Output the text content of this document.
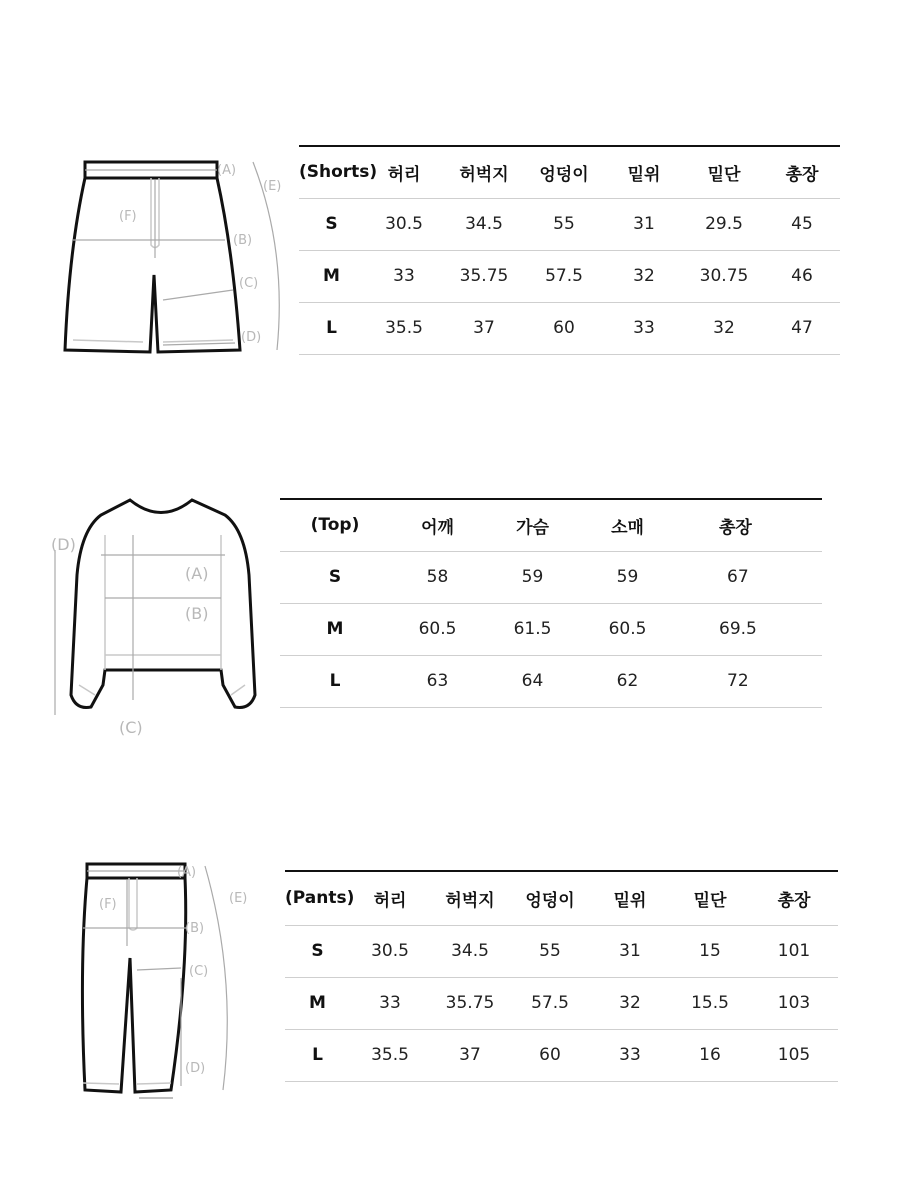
(A)
(E)
(F)
(B)
(C)
(D)
(Shorts)	허리	허벅지	엉덩이	밑위	밑단	총장
S	30.5	34.5	55	31	29.5	45
M	33	35.75	57.5	32	30.75	46
L	35.5	37	60	33	32	47
(D)
(A)
(B)
(C)
(Top)	어깨	가슴	소매	총장
S	58	59	59	67
M	60.5	61.5	60.5	69.5
L	63	64	62	72
(A)
(E)
(F)
(B)
(C)
(D)
(Pants)	허리	허벅지	엉덩이	밑위	밑단	총장
S	30.5	34.5	55	31	15	101
M	33	35.75	57.5	32	15.5	103
L	35.5	37	60	33	16	105
